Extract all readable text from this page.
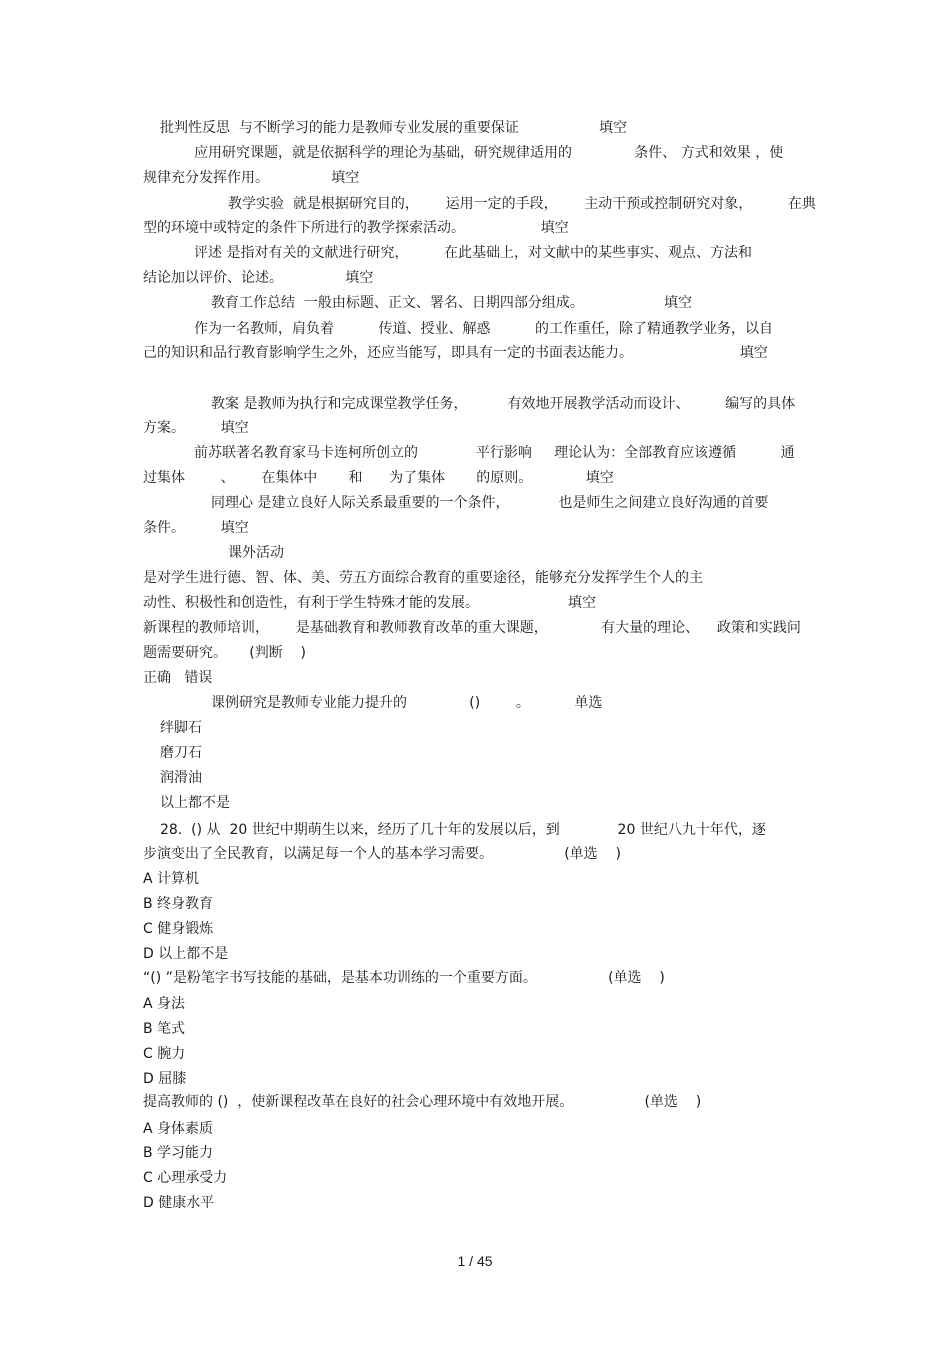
批判性反思  与不断学习的能力是教师专业发展的重要保证                  填空
应用研究课题，就是依据科学的理论为基础，研究规律适用的              条件、 方式和效果 ，使
规律充分发挥作用。              填空
教学实验  就是根据研究目的，      运用一定的手段，      主动干预或控制研究对象，        在典
型的环境中或特定的条件下所进行的教学探索活动。                 填空
评述 是指对有关的文献进行研究，        在此基础上，对文献中的某些事实、观点、方法和
结论加以评价、论述。              填空
教育工作总结  一般由标题、正文、署名、日期四部分组成。                  填空
作为一名教师，肩负着          传道、授业、解惑          的工作重任，除了精通教学业务，以自
己的知识和品行教育影响学生之外，还应当能写，即具有一定的书面表达能力。                        填空
教案 是教师为执行和完成课堂教学任务，         有效地开展教学活动而设计、        编写的具体
方案。        填空
前苏联著名教育家马卡连柯所创立的             平行影响     理论认为：全部教育应该遵循          通
过集体        、      在集体中       和      为了集体       的原则。            填空
同理心 是建立良好人际关系最重要的一个条件，           也是师生之间建立良好沟通的首要
条件。        填空
课外活动
是对学生进行德、智、体、美、劳五方面综合教育的重要途径，能够充分发挥学生个人的主
动性、积极性和创造性，有利于学生特殊才能的发展。                    填空
新课程的教师培训，      是基础教育和教师教育改革的重大课题，            有大量的理论、    政策和实践问
题需要研究。     (判断    )
正确   错误
课例研究是教师专业能力提升的              ()        。          单选
绊脚石
磨刀石
润滑油
以上都不是
28.  () 从  20 世纪中期萌生以来，经历了几十年的发展以后，到             20 世纪八九十年代，逐
步演变出了全民教育，以满足每一个人的基本学习需要。                (单选    )
A 计算机
B 终身教育
C 健身锻炼
D 以上都不是
“() ”是粉笔字书写技能的基础，是基本功训练的一个重要方面。                (单选    )
A 身法
B 笔式
C 腕力
D 屈膝
提高教师的 ()  ，使新课程改革在良好的社会心理环境中有效地开展。                (单选    )
A 身体素质
B 学习能力
C 心理承受力
D 健康水平
1 / 45
